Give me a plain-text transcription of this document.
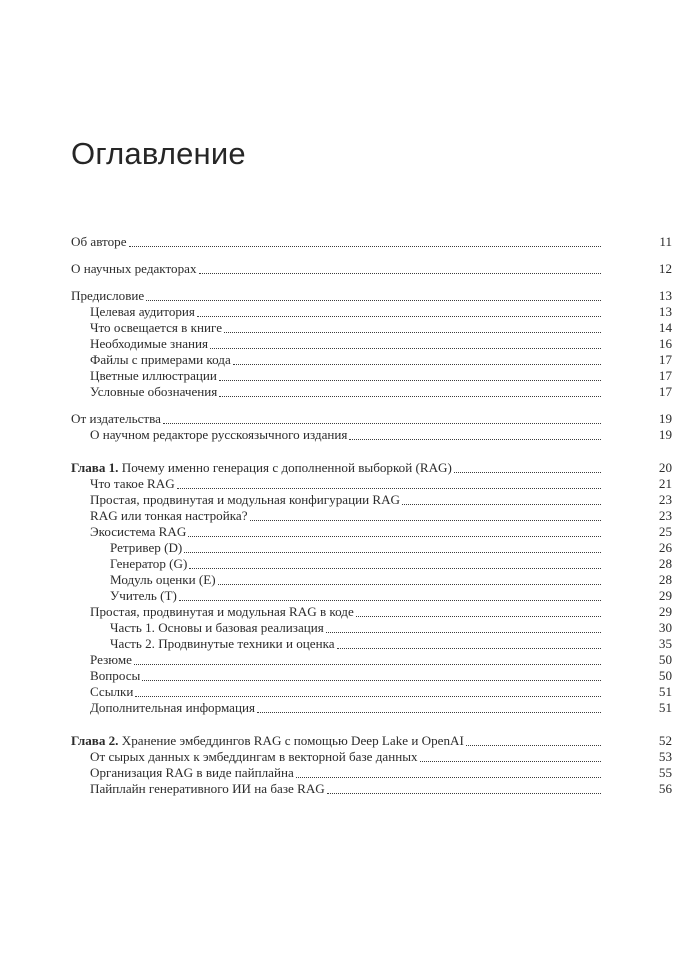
Оглавление
Об авторе	11
О научных редакторах	12
Предисловие	13
Целевая аудитория	13
Что освещается в книге	14
Необходимые знания	16
Файлы с примерами кода	17
Цветные иллюстрации	17
Условные обозначения	17
От издательства	19
О научном редакторе русскоязычного издания	19
Глава 1. Почему именно генерация с дополненной выборкой (RAG)	20
Что такое RAG	21
Простая, продвинутая и модульная конфигурации RAG	23
RAG или тонкая настройка?	23
Экосистема RAG	25
Ретривер (D)	26
Генератор (G)	28
Модуль оценки (E)	28
Учитель (T)	29
Простая, продвинутая и модульная RAG в коде	29
Часть 1. Основы и базовая реализация	30
Часть 2. Продвинутые техники и оценка	35
Резюме	50
Вопросы	50
Ссылки	51
Дополнительная информация	51
Глава 2. Хранение эмбеддингов RAG с помощью Deep Lake и OpenAI	52
От сырых данных к эмбеддингам в векторной базе данных	53
Организация RAG в виде пайплайна	55
Пайплайн генеративного ИИ на базе RAG	56
